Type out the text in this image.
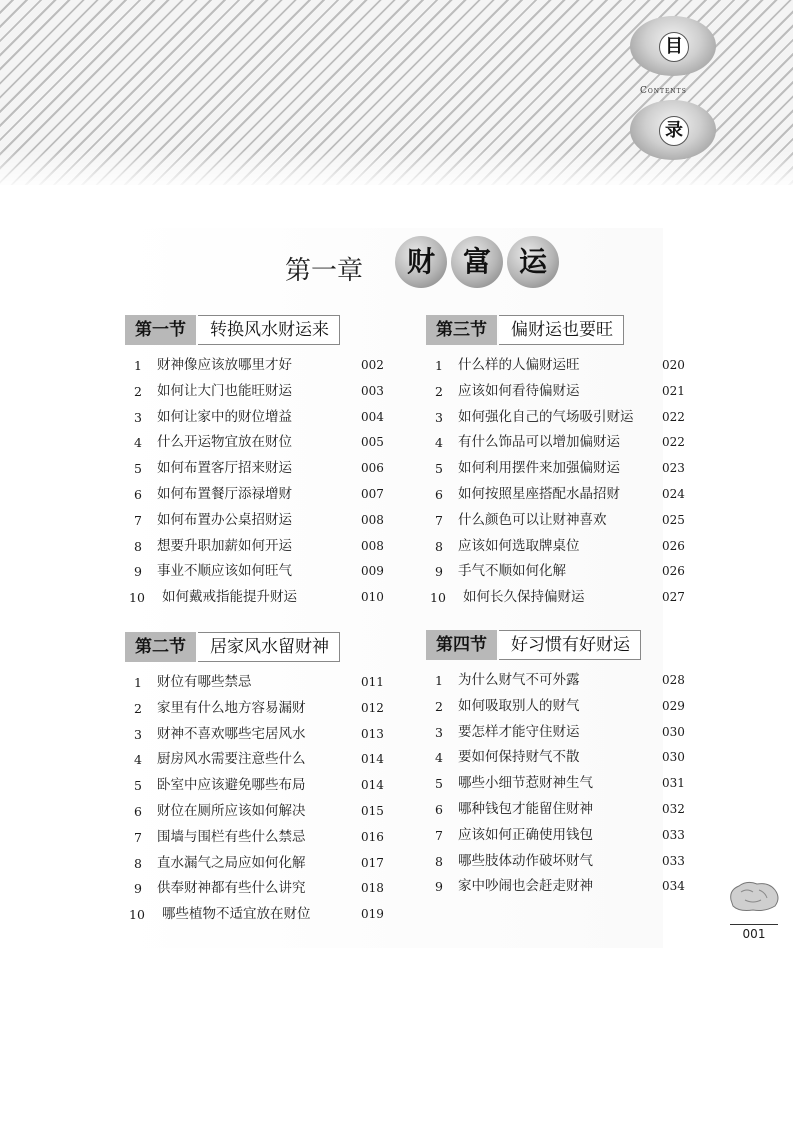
目
Contents
录
第一章	财 富 运
第一节	转换风水财运来
1 财神像应该放哪里才好	002
2 如何让大门也能旺财运	003
3 如何让家中的财位增益	004
4 什么开运物宜放在财位	005
5 如何布置客厅招来财运	006
6 如何布置餐厅添禄增财	007
7 如何布置办公桌招财运	008
8 想要升职加薪如何开运	008
9 事业不顺应该如何旺气	009
10 如何戴戒指能提升财运	010
第三节	偏财运也要旺
1 什么样的人偏财运旺	020
2 应该如何看待偏财运	021
3 如何强化自己的气场吸引财运 022
4 有什么饰品可以增加偏财运	022
5 如何利用摆件来加强偏财运	023
6 如何按照星座搭配水晶招财	024
7 什么颜色可以让财神喜欢	025
8 应该如何选取牌桌位	026
9 手气不顺如何化解	026
10 如何长久保持偏财运	027
第二节	居家风水留财神
1 财位有哪些禁忌	011
2 家里有什么地方容易漏财	012
3 财神不喜欢哪些宅居风水	013
4 厨房风水需要注意些什么	014
5 卧室中应该避免哪些布局	014
6 财位在厕所应该如何解决	015
7 围墙与围栏有些什么禁忌	016
8 直水漏气之局应如何化解	017
9 供奉财神都有些什么讲究	018
10 哪些植物不适宜放在财位	019
第四节	好习惯有好财运
1 为什么财气不可外露	028
2 如何吸取别人的财气	029
3 要怎样才能守住财运	030
4 要如何保持财气不散	030
5 哪些小细节惹财神生气	031
6 哪种钱包才能留住财神	032
7 应该如何正确使用钱包	033
8 哪些肢体动作破坏财气	033
9 家中吵闹也会赶走财神	034
001
